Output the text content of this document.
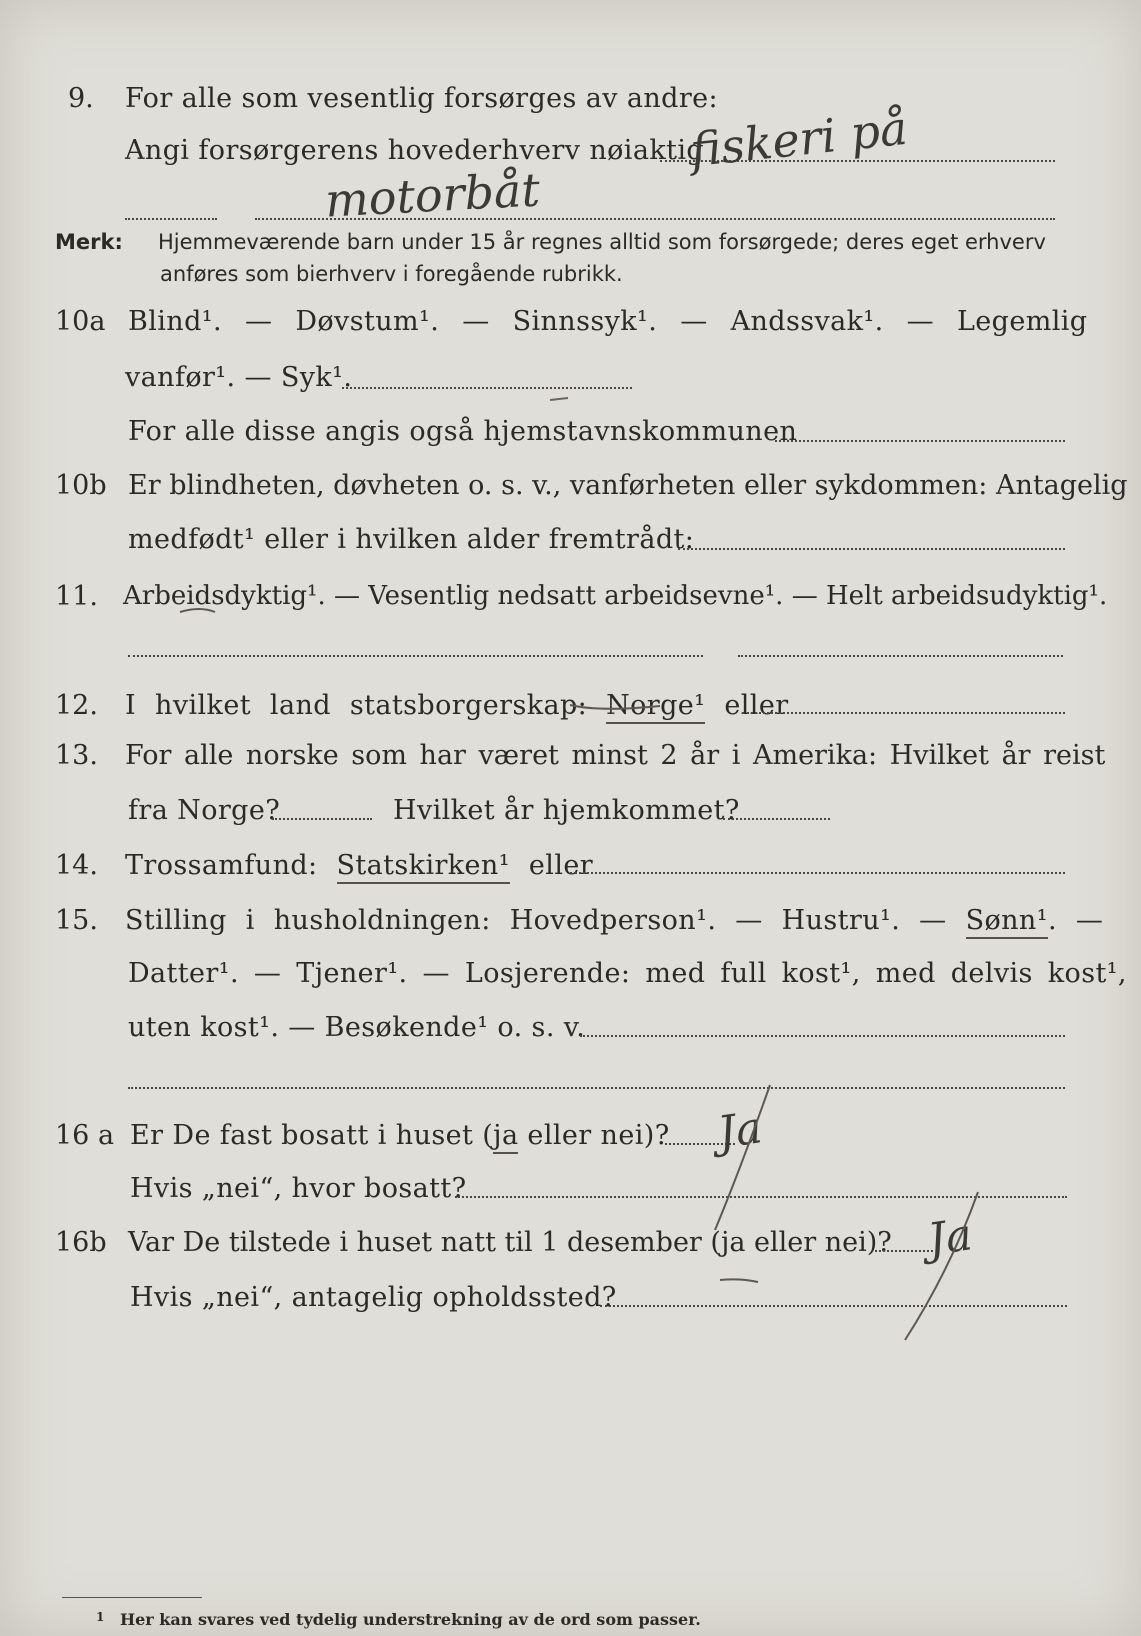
9. For alle som vesentlig forsørges av andre:
Angi forsørgerens hovederhverv nøiaktig
fiskeri på
motorbåt
Merk: Hjemmeværende barn under 15 år regnes alltid som forsørgede; deres eget erhverv
anføres som bierhverv i foregående rubrikk.
10a Blind¹. — Døvstum¹. — Sinnssyk¹. — Andssvak¹. — Legemlig
vanfør¹. — Syk¹.
For alle disse angis også hjemstavnskommunen
10b Er blindheten, døvheten o. s. v., vanførheten eller sykdommen: Antagelig
medfødt¹ eller i hvilken alder fremtrådt:
11. Arbeidsdyktig¹. — Vesentlig nedsatt arbeidsevne¹. — Helt arbeidsudyktig¹.
12. I hvilket land statsborgerskap: Norge¹ eller
13. For alle norske som har været minst 2 år i Amerika: Hvilket år reist
fra Norge?	Hvilket år hjemkommet?
14. Trossamfund: Statskirken¹ eller
15. Stilling i husholdningen: Hovedperson¹. — Hustru¹. — Sønn¹. —
Datter¹. — Tjener¹. — Losjerende: med full kost¹, med delvis kost¹,
uten kost¹. — Besøkende¹ o. s. v.
16 a Er De fast bosatt i huset (ja eller nei)? Ja
Hvis „nei“, hvor bosatt?
16b Var De tilstede i huset natt til 1 desember (ja eller nei)? Ja
Hvis „nei“, antagelig opholdssted?
1 Her kan svares ved tydelig understrekning av de ord som passer.
